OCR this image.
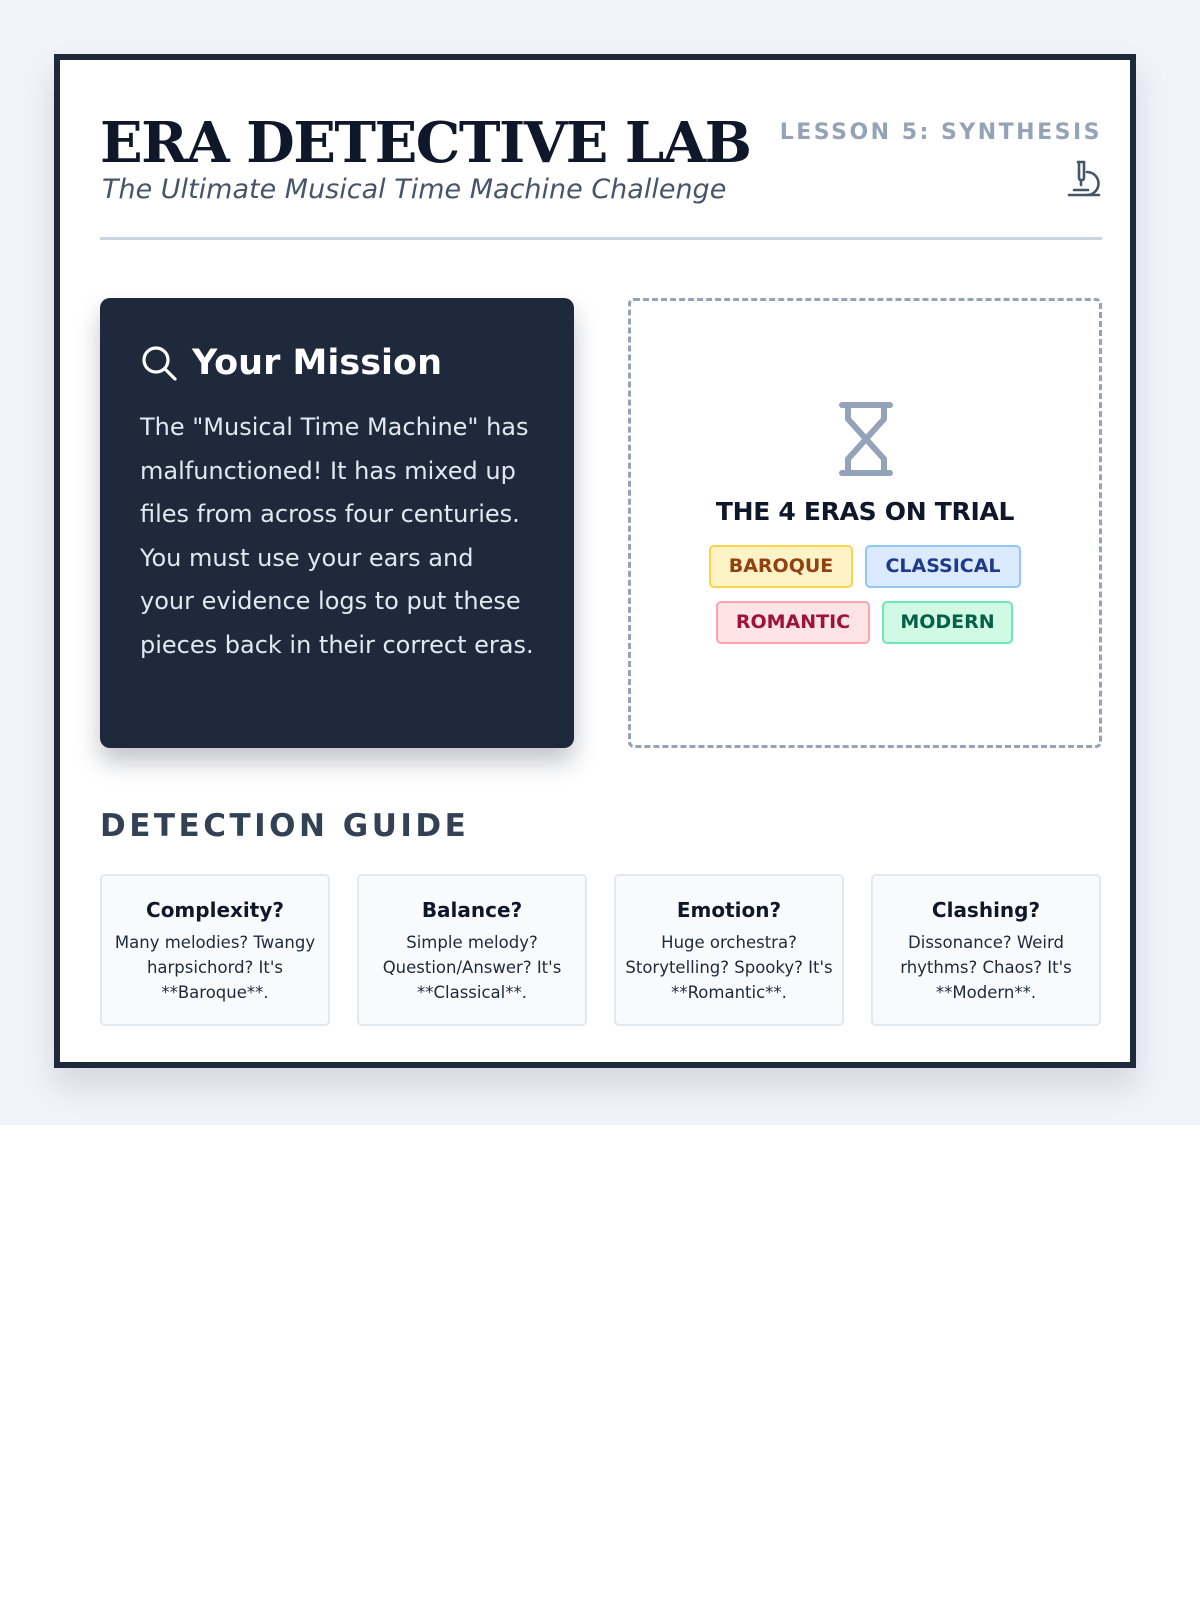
ERA DETECTIVE LAB
The Ultimate Musical Time Machine Challenge
LESSON 5: SYNTHESIS
Your Mission
The "Musical Time Machine" has malfunctioned! It has mixed up files from across four centuries. You must use your ears and your evidence logs to put these pieces back in their correct eras.
THE 4 ERAS ON TRIAL
BAROQUE	CLASSICAL
ROMANTIC	MODERN
DETECTION GUIDE
Complexity?

Many melodies? Twangy harpsichord? It's **Baroque**.

Balance?

Simple melody? Question/Answer? It's **Classical**.

Emotion?

Huge orchestra? Storytelling? Spooky? It's **Romantic**.

Clashing?

Dissonance? Weird rhythms? Chaos? It's **Modern**.
